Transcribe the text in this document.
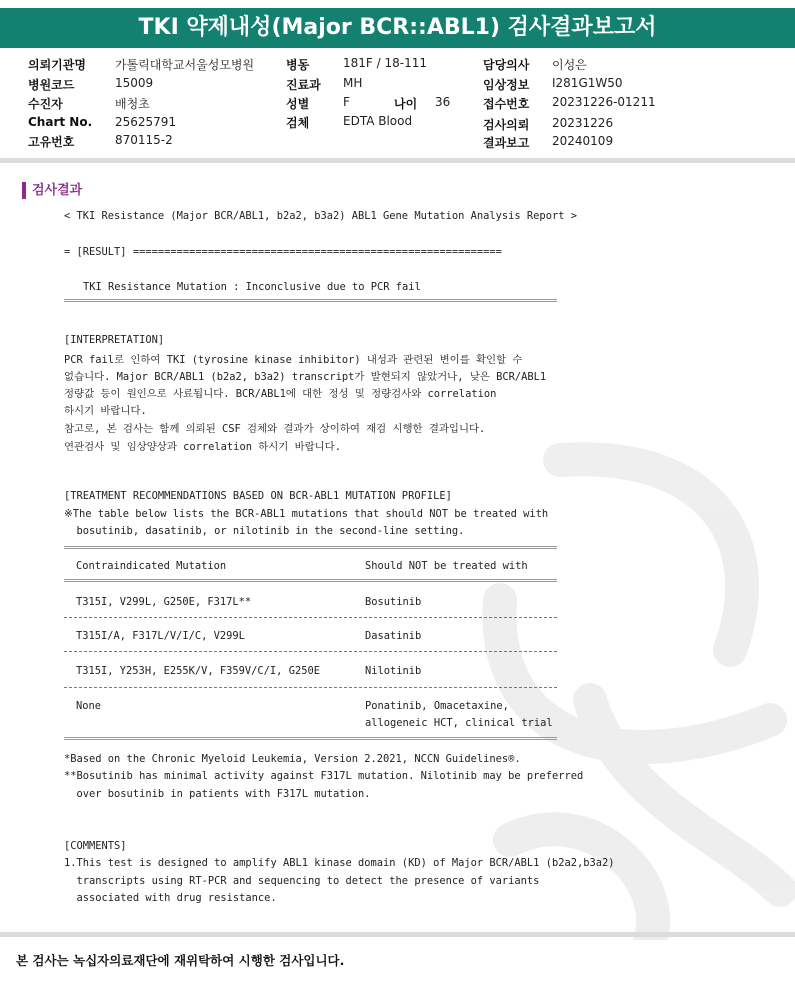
TKI 약제내성(Major BCR::ABL1) 검사결과보고서
의뢰기관명 가톨릭대학교서울성모병원
병원코드	15009
수진자	배청초
Chart No. 25625791
고유번호	870115-2
병동	181F / 18-111
진료과 MH
성별	F	나이 36
검체	EDTA Blood
담당의사 이성은
임상정보 I281G1W50
접수번호 20231226-01211
검사의뢰 20231226
결과보고 20240109
검사결과
< TKI Resistance (Major BCR/ABL1, b2a2, b3a2) ABL1 Gene Mutation Analysis Report >
= [RESULT] ===========================================================
TKI Resistance Mutation : Inconclusive due to PCR fail
[INTERPRETATION]
PCR fail로 인하여 TKI (tyrosine kinase inhibitor) 내성과 관련된 변이를 확인할 수
없습니다. Major BCR/ABL1 (b2a2, b3a2) transcript가 발현되지 않았거나, 낮은 BCR/ABL1
정량값 등이 원인으로 사료됩니다. BCR/ABL1에 대한 정성 및 정량검사와 correlation
하시기 바랍니다.
참고로, 본 검사는 함께 의뢰된 CSF 검체와 결과가 상이하여 재검 시행한 결과입니다.
연관검사 및 임상양상과 correlation 하시기 바랍니다.
[TREATMENT RECOMMENDATIONS BASED ON BCR-ABL1 MUTATION PROFILE]
※The table below lists the BCR-ABL1 mutations that should NOT be treated with
bosutinib, dasatinib, or nilotinib in the second-line setting.
Contraindicated Mutation	Should NOT be treated with
T315I, V299L, G250E, F317L**	Bosutinib
T315I/A, F317L/V/I/C, V299L	Dasatinib
T315I, Y253H, E255K/V, F359V/C/I, G250E	Nilotinib
None	Ponatinib, Omacetaxine,
allogeneic HCT, clinical trial
*Based on the Chronic Myeloid Leukemia, Version 2.2021, NCCN Guidelines®.
**Bosutinib has minimal activity against F317L mutation. Nilotinib may be preferred
over bosutinib in patients with F317L mutation.
[COMMENTS]
1.This test is designed to amplify ABL1 kinase domain (KD) of Major BCR/ABL1 (b2a2,b3a2)
transcripts using RT-PCR and sequencing to detect the presence of variants
associated with drug resistance.
본 검사는 녹십자의료재단에 재위탁하여 시행한 검사입니다.
